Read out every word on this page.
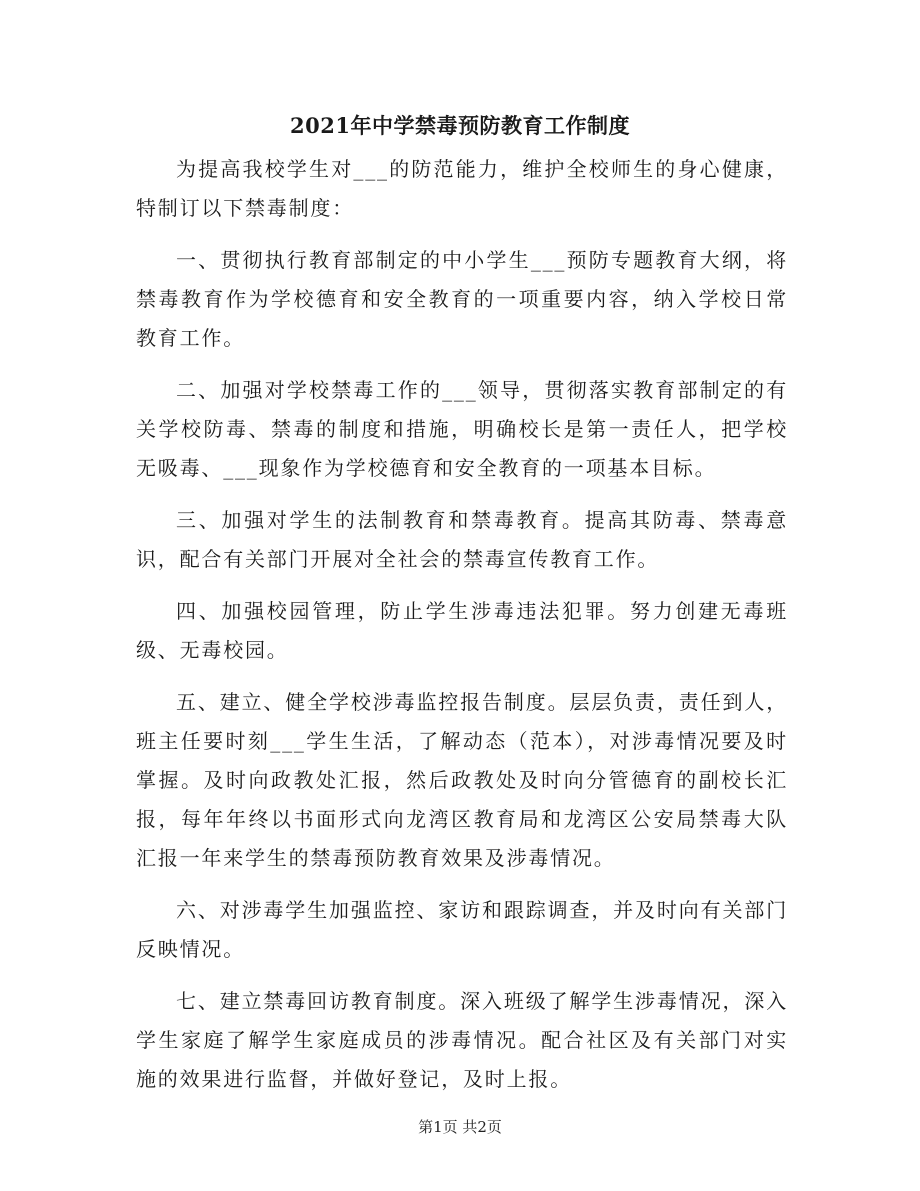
2021年中学禁毒预防教育工作制度

为提高我校学生对___的防范能力，维护全校师生的身心健康，特制订以下禁毒制度：

一、贯彻执行教育部制定的中小学生___预防专题教育大纲，将禁毒教育作为学校德育和安全教育的一项重要内容，纳入学校日常教育工作。

二、加强对学校禁毒工作的___领导，贯彻落实教育部制定的有关学校防毒、禁毒的制度和措施，明确校长是第一责任人，把学校无吸毒、___现象作为学校德育和安全教育的一项基本目标。

三、加强对学生的法制教育和禁毒教育。提高其防毒、禁毒意识，配合有关部门开展对全社会的禁毒宣传教育工作。

四、加强校园管理，防止学生涉毒违法犯罪。努力创建无毒班级、无毒校园。

五、建立、健全学校涉毒监控报告制度。层层负责，责任到人，班主任要时刻___学生生活，了解动态（范本），对涉毒情况要及时掌握。及时向政教处汇报，然后政教处及时向分管德育的副校长汇报，每年年终以书面形式向龙湾区教育局和龙湾区公安局禁毒大队汇报一年来学生的禁毒预防教育效果及涉毒情况。

六、对涉毒学生加强监控、家访和跟踪调查，并及时向有关部门反映情况。

七、建立禁毒回访教育制度。深入班级了解学生涉毒情况，深入学生家庭了解学生家庭成员的涉毒情况。配合社区及有关部门对实施的效果进行监督，并做好登记，及时上报。

第1页 共2页
